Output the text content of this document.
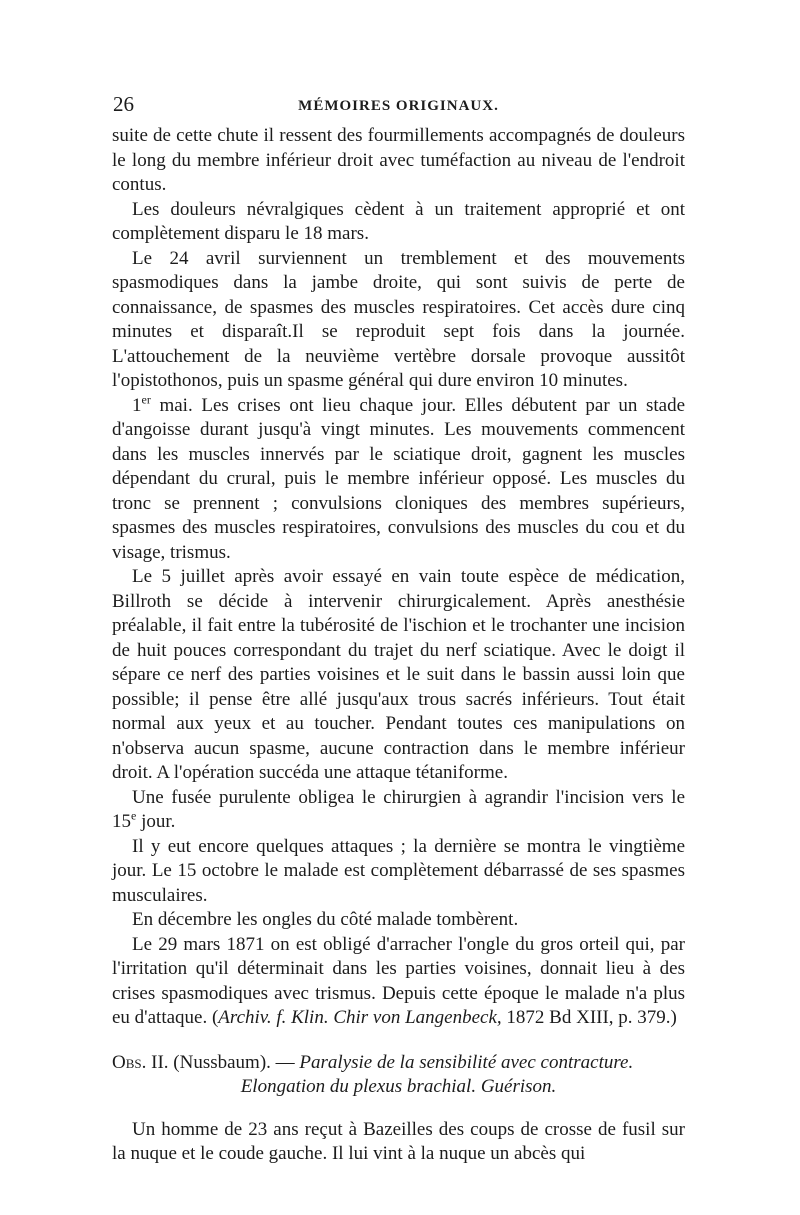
26	MÉMOIRES ORIGINAUX.

suite de cette chute il ressent des fourmillements accompagnés de douleurs le long du membre inférieur droit avec tuméfaction au niveau de l'endroit contus.

Les douleurs névralgiques cèdent à un traitement approprié et ont complètement disparu le 18 mars.

Le 24 avril surviennent un tremblement et des mouvements spasmodiques dans la jambe droite, qui sont suivis de perte de connaissance, de spasmes des muscles respiratoires. Cet accès dure cinq minutes et disparaît.Il se reproduit sept fois dans la journée. L'attouchement de la neuvième vertèbre dorsale provoque aussitôt l'opistothonos, puis un spasme général qui dure environ 10 minutes.

1er mai. Les crises ont lieu chaque jour. Elles débutent par un stade d'angoisse durant jusqu'à vingt minutes. Les mouvements commencent dans les muscles innervés par le sciatique droit, gagnent les muscles dépendant du crural, puis le membre inférieur opposé. Les muscles du tronc se prennent ; convulsions cloniques des membres supérieurs, spasmes des muscles respiratoires, convulsions des muscles du cou et du visage, trismus.

Le 5 juillet après avoir essayé en vain toute espèce de médication, Billroth se décide à intervenir chirurgicalement. Après anesthésie préalable, il fait entre la tubérosité de l'ischion et le trochanter une incision de huit pouces correspondant du trajet du nerf sciatique. Avec le doigt il sépare ce nerf des parties voisines et le suit dans le bassin aussi loin que possible; il pense être allé jusqu'aux trous sacrés inférieurs. Tout était normal aux yeux et au toucher. Pendant toutes ces manipulations on n'observa aucun spasme, aucune contraction dans le membre inférieur droit. A l'opération succéda une attaque tétaniforme.

Une fusée purulente obligea le chirurgien à agrandir l'incision vers le 15e jour.

Il y eut encore quelques attaques ; la dernière se montra le vingtième jour. Le 15 octobre le malade est complètement débarrassé de ses spasmes musculaires.

En décembre les ongles du côté malade tombèrent.

Le 29 mars 1871 on est obligé d'arracher l'ongle du gros orteil qui, par l'irritation qu'il déterminait dans les parties voisines, donnait lieu à des crises spasmodiques avec trismus. Depuis cette époque le malade n'a plus eu d'attaque. (Archiv. f. Klin. Chir von Langenbeck, 1872 Bd XIII, p. 379.)

Obs. II. (Nussbaum). — Paralysie de la sensibilité avec contracture.

Elongation du plexus brachial. Guérison.

Un homme de 23 ans reçut à Bazeilles des coups de crosse de fusil sur la nuque et le coude gauche. Il lui vint à la nuque un abcès qui
